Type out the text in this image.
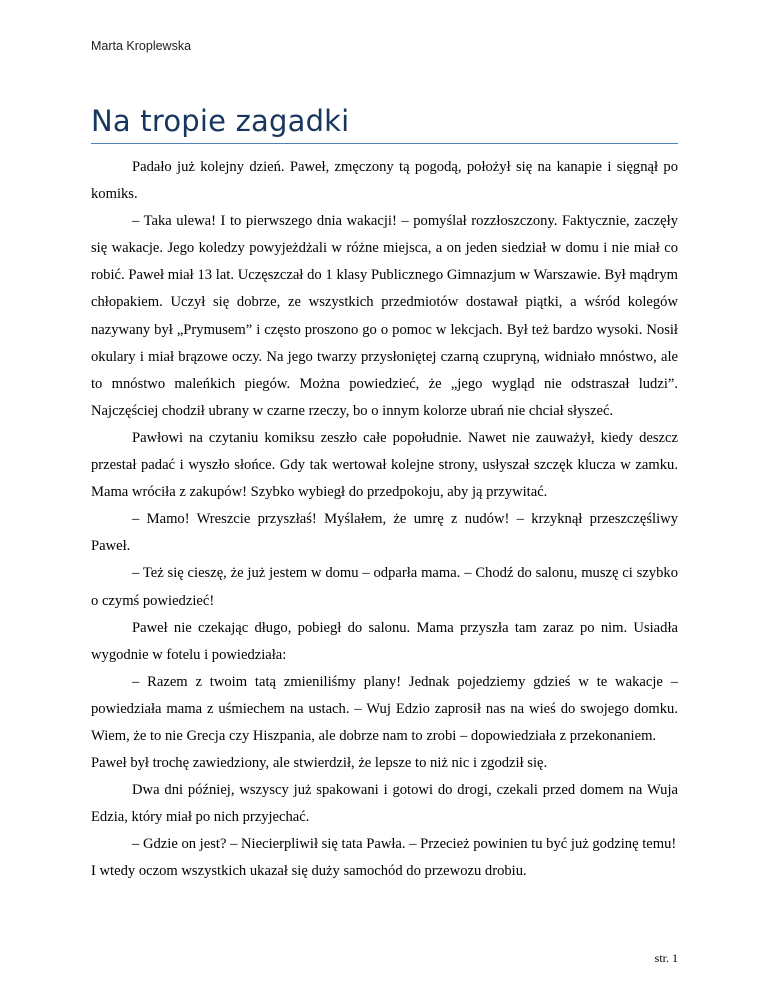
Marta Kroplewska
Na tropie zagadki

Padało już kolejny dzień. Paweł, zmęczony tą pogodą, położył się na kanapie i sięgnął po komiks.

– Taka ulewa! I to pierwszego dnia wakacji! – pomyślał rozzłoszczony. Faktycznie, zaczęły się wakacje. Jego koledzy powyjeżdżali w różne miejsca, a on jeden siedział w domu i nie miał co robić. Paweł miał 13 lat. Uczęszczał do 1 klasy Publicznego Gimnazjum w Warszawie. Był mądrym chłopakiem. Uczył się dobrze, ze wszystkich przedmiotów dostawał piątki, a wśród kolegów nazywany był „Prymusem” i często proszono go o pomoc w lekcjach. Był też bardzo wysoki. Nosił okulary i miał brązowe oczy. Na jego twarzy przysłoniętej czarną czupryną, widniało mnóstwo, ale to mnóstwo maleńkich piegów. Można powiedzieć, że „jego wygląd nie odstraszał ludzi”. Najczęściej chodził ubrany w czarne rzeczy, bo o innym kolorze ubrań nie chciał słyszeć.

Pawłowi na czytaniu komiksu zeszło całe popołudnie. Nawet nie zauważył, kiedy deszcz przestał padać i wyszło słońce. Gdy tak wertował kolejne strony, usłyszał szczęk klucza w zamku. Mama wróciła z zakupów! Szybko wybiegł do przedpokoju, aby ją przywitać.

– Mamo! Wreszcie przyszłaś! Myślałem, że umrę z nudów! – krzyknął przeszczęśliwy Paweł.

– Też się cieszę, że już jestem w domu – odparła mama. – Chodź do salonu, muszę ci szybko o czymś powiedzieć!

Paweł nie czekając długo, pobiegł do salonu. Mama przyszła tam zaraz po nim. Usiadła wygodnie w fotelu i powiedziała:

– Razem z twoim tatą zmieniliśmy plany! Jednak pojedziemy gdzieś w te wakacje – powiedziała mama z uśmiechem na ustach. – Wuj Edzio zaprosił nas na wieś do swojego domku. Wiem, że to nie Grecja czy Hiszpania, ale dobrze nam to zrobi – dopowiedziała z przekonaniem.

Paweł był trochę zawiedziony, ale stwierdził, że lepsze to niż nic i zgodził się.

Dwa dni później, wszyscy już spakowani i gotowi do drogi, czekali przed domem na Wuja Edzia, który miał po nich przyjechać.

– Gdzie on jest? – Niecierpliwił się tata Pawła. – Przecież powinien tu być już godzinę temu!

I wtedy oczom wszystkich ukazał się duży samochód do przewozu drobiu.

str. 1
